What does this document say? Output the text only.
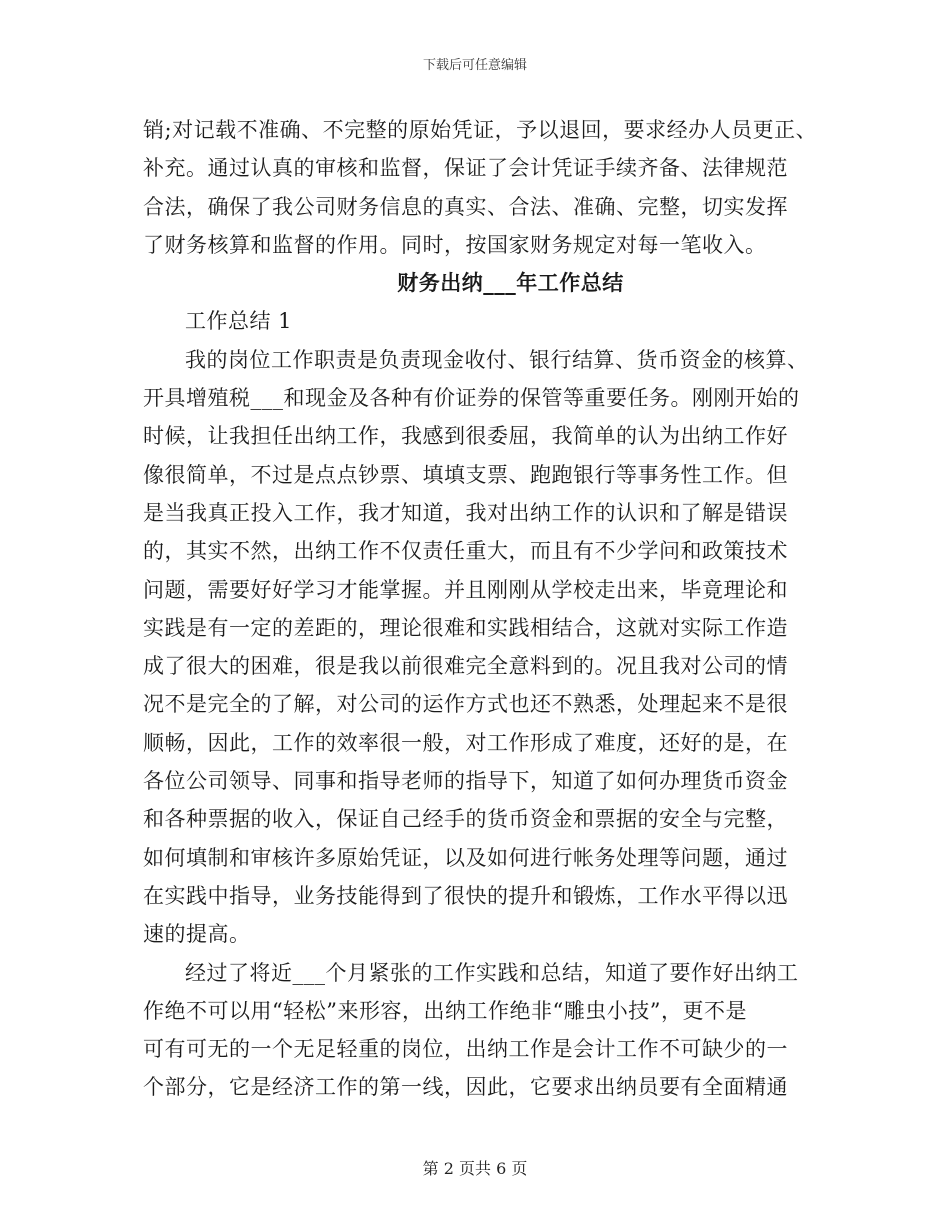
下载后可任意编辑
销;对记载不准确、不完整的原始凭证，予以退回，要求经办人员更正、
补充。通过认真的审核和监督，保证了会计凭证手续齐备、法律规范
合法，确保了我公司财务信息的真实、合法、准确、完整，切实发挥
了财务核算和监督的作用。同时，按国家财务规定对每一笔收入。
财务出纳___年工作总结
工作总结 1
我的岗位工作职责是负责现金收付、银行结算、货币资金的核算、
开具增殖税___和现金及各种有价证券的保管等重要任务。刚刚开始的
时候，让我担任出纳工作，我感到很委屈，我简单的认为出纳工作好
像很简单，不过是点点钞票、填填支票、跑跑银行等事务性工作。但
是当我真正投入工作，我才知道，我对出纳工作的认识和了解是错误
的，其实不然，出纳工作不仅责任重大，而且有不少学问和政策技术
问题，需要好好学习才能掌握。并且刚刚从学校走出来，毕竟理论和
实践是有一定的差距的，理论很难和实践相结合，这就对实际工作造
成了很大的困难，很是我以前很难完全意料到的。况且我对公司的情
况不是完全的了解，对公司的运作方式也还不熟悉，处理起来不是很
顺畅，因此，工作的效率很一般，对工作形成了难度，还好的是，在
各位公司领导、同事和指导老师的指导下，知道了如何办理货币资金
和各种票据的收入，保证自己经手的货币资金和票据的安全与完整，
如何填制和审核许多原始凭证，以及如何进行帐务处理等问题，通过
在实践中指导，业务技能得到了很快的提升和锻炼，工作水平得以迅
速的提高。
经过了将近___个月紧张的工作实践和总结，知道了要作好出纳工
作绝不可以用“轻松”来形容，出纳工作绝非“雕虫小技”，更不是
可有可无的一个无足轻重的岗位，出纳工作是会计工作不可缺少的一
个部分，它是经济工作的第一线，因此，它要求出纳员要有全面精通
第 2 页共 6 页
